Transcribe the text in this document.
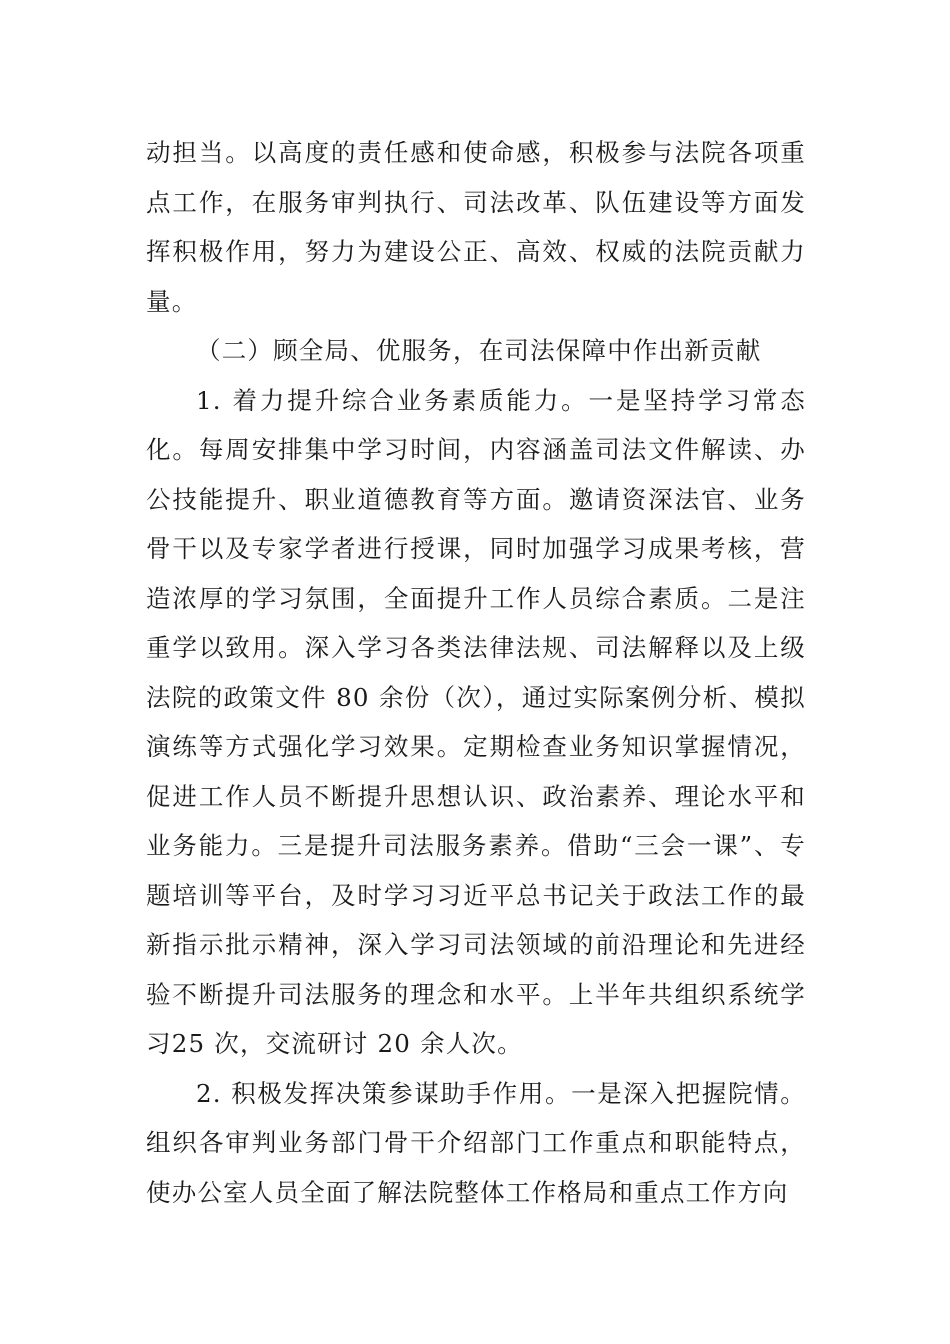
动担当。以高度的责任感和使命感，积极参与法院各项重点工作，在服务审判执行、司法改革、队伍建设等方面发挥积极作用，努力为建设公正、高效、权威的法院贡献力量。

（二）顾全局、优服务，在司法保障中作出新贡献

1. 着力提升综合业务素质能力。一是坚持学习常态化。每周安排集中学习时间，内容涵盖司法文件解读、办公技能提升、职业道德教育等方面。邀请资深法官、业务骨干以及专家学者进行授课，同时加强学习成果考核，营造浓厚的学习氛围，全面提升工作人员综合素质。二是注重学以致用。深入学习各类法律法规、司法解释以及上级法院的政策文件 80 余份（次），通过实际案例分析、模拟演练等方式强化学习效果。定期检查业务知识掌握情况，促进工作人员不断提升思想认识、政治素养、理论水平和业务能力。三是提升司法服务素养。借助“三会一课”、专题培训等平台，及时学习习近平总书记关于政法工作的最新指示批示精神，深入学习司法领域的前沿理论和先进经验不断提升司法服务的理念和水平。上半年共组织系统学习25 次，交流研讨 20 余人次。

2. 积极发挥决策参谋助手作用。一是深入把握院情。组织各审判业务部门骨干介绍部门工作重点和职能特点，使办公室人员全面了解法院整体工作格局和重点工作方向
